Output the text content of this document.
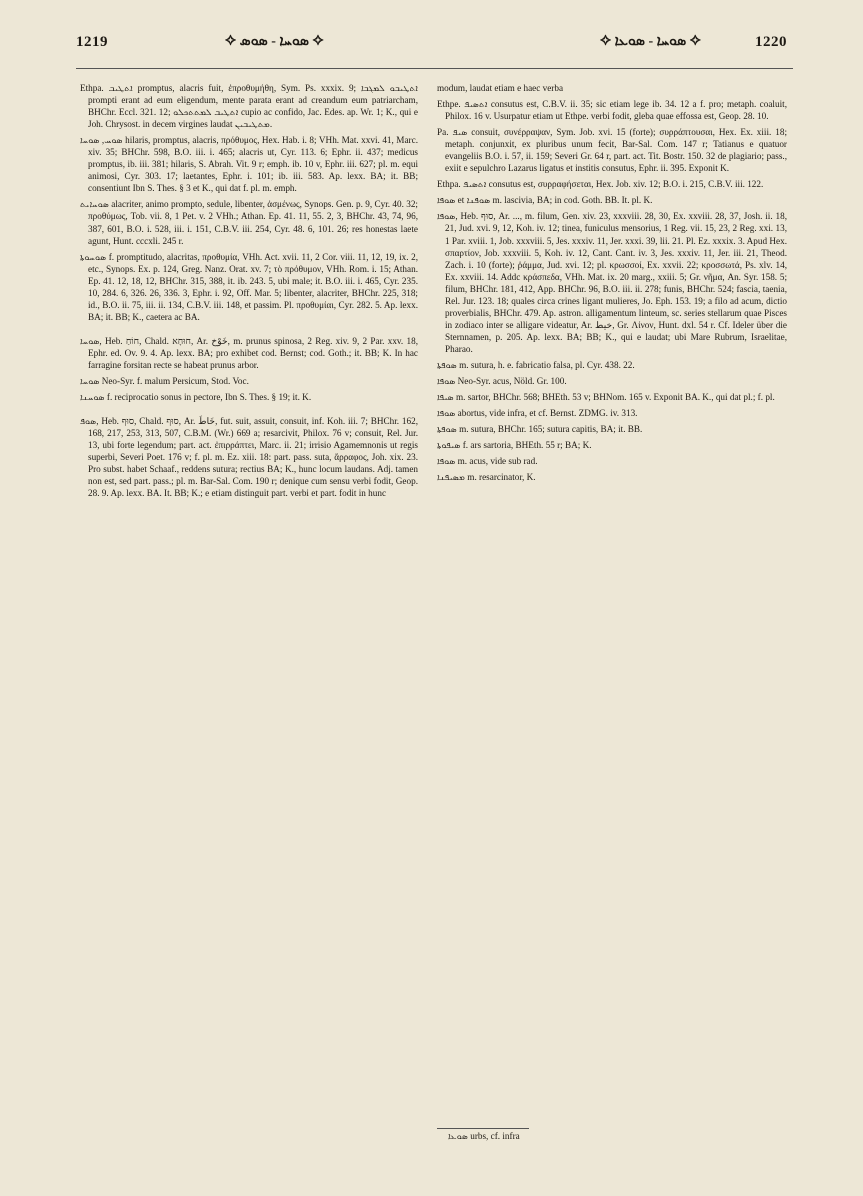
1219	✧ ܣܘܚܐ - ܣܘܣ ✧	✧ ܣܘܚܐ - ܣܘܥܐ ✧	1220

Ethpa. ܐܬܛܝܒ promptus, alacris fuit, ἐπροθυμήθη, Sym. Ps. xxxix. 9; ܐܬܛܝܒܘ ܠܡܓܒܐ prompti erant ad eum eligendum, mente parata erant ad creandum eum patriarcham, BHChr. Eccl. 321. 12; ܐܬܛܝܒ ܠܡܬܬܟܠܘ cupio ac confido, Jac. Edes. ap. Wr. 1; K., qui e Joh. Chrysost. in decem virgines laudat ܡܬܛܝܒܝܢ.

ܣܘܚ, ܣܘܚܐ hilaris, promptus, alacris, πρόθυμος, Hex. Hab. i. 8; VHh. Mat. xxvi. 41, Marc. xiv. 35; BHChr. 598, B.O. iii. i. 465; alacris ut, Cyr. 113. 6; Ephr. ii. 437; medicus promptus, ib. iii. 381; hilaris, S. Abrah. Vit. 9 r; emph. ib. 10 v, Ephr. iii. 627; pl. m. equi animosi, Cyr. 303. 17; laetantes, Ephr. i. 101; ib. iii. 583. Ap. lexx. BA; it. BB; consentiunt Ibn S. Thes. § 3 et K., qui dat f. pl. m. emph.

ܣܘܚܐܝܬ alacriter, animo prompto, sedule, libenter, ἀσμένως, Synops. Gen. p. 9, Cyr. 40. 32; προθύμως, Tob. vii. 8, 1 Pet. v. 2 VHh.; Athan. Ep. 41. 11, 55. 2, 3, BHChr. 43, 74, 96, 387, 601, B.O. i. 528, iii. i. 151, C.B.V. iii. 254, Cyr. 48. 6, 101. 26; res honestas laete agunt, Hunt. cccxli. 245 r.

ܣܘܚܘܬܐ f. promptitudo, alacritas, προθυμία, VHh. Act. xvii. 11, 2 Cor. viii. 11, 12, 19, ix. 2, etc., Synops. Ex. p. 124, Greg. Nanz. Orat. xv. 7; τὸ πρόθυμον, VHh. Rom. i. 15; Athan. Ep. 41. 12, 18, 12, BHChr. 315, 388, it. ib. 243. 5, ubi male; it. B.O. iii. i. 465, Cyr. 235. 10, 284. 6, 326. 26, 336. 3, Ephr. i. 92, Off. Mar. 5; libenter, alacriter, BHChr. 225, 318; id., B.O. ii. 75, iii. ii. 134, C.B.V. iii. 148, et passim. Pl. προθυμίαι, Cyr. 282. 5. Ap. lexx. BA; it. BB; K., caetera ac BA.

ܣܘܚܐ, Heb. חוֹחַ, Chald. חוּחָא, Ar. خَوْخ, m. prunus spinosa, 2 Reg. xiv. 9, 2 Par. xxv. 18, Ephr. ed. Ov. 9. 4. Ap. lexx. BA; pro exhibet cod. Bernst; cod. Goth.; it. BB; K. In hac farragine forsitan recte se habeat prunus arbor.

ܣܘܚܐ Neo-Syr. f. malum Persicum, Stod. Voc.

ܣܘܚܢܐ f. reciprocatio sonus in pectore, Ibn S. Thes. § 19; it. K.

ܣܘܦ, Heb. סוּף, Chald. סוּף, Ar. خَاطَ, fut. suit, assuit, consuit, inf. Koh. iii. 7; BHChr. 162, 168, 217, 253, 313, 507, C.B.M. (Wr.) 669 a; resarcivit, Philox. 76 v; consuit, Rel. Jur. 13, ubi forte legendum; part. act. ἐπιρράπτει, Marc. ii. 21; irrisio Agamemnonis ut regis superbi, Severi Poet. 176 v; f. pl. m. Ez. xiii. 18: part. pass. suta, ἄρραφος, Joh. xix. 23. Pro subst. habet Schaaf., reddens sutura; rectius BA; K., hunc locum laudans. Adj. tamen non est, sed part. pass.; pl. m. Bar-Sal. Com. 190 r; denique cum sensu verbi fodit, Geop. 28. 9. Ap. lexx. BA. It. BB; K.; e etiam distinguit part. verbi et part. fodit in hunc

modum, laudat etiam e haec verba

Ethpe. ܐܬܣܝܦ consutus est, C.B.V. ii. 35; sic etiam lege ib. 34. 12 a f. pro; metaph. coaluit, Philox. 16 v. Usurpatur etiam ut Ethpe. verbi fodit, gleba quae effossa est, Geop. 28. 10.

Pa. ܣܝܦ consuit, συνέρραψαν, Sym. Job. xvi. 15 (forte); συρράπτουσαι, Hex. Ex. xiii. 18; metaph. conjunxit, ex pluribus unum fecit, Bar-Sal. Com. 147 r; Tatianus e quatuor evangeliis B.O. i. 57, ii. 159; Severi Gr. 64 r, part. act. Tit. Bostr. 150. 32 de plagiario; pass., exiit e sepulchro Lazarus ligatus et institis consutus, Ephr. ii. 395. Exponit K.

Ethpa. ܐܬܣܝܦ consutus est, συρραφήσεται, Hex. Job. xiv. 12; B.O. i. 215, C.B.V. iii. 122.

ܣܘܦܐ et ܣܘܦܢܐ m. lascivia, BA; in cod. Goth. BB. It. pl. K.

ܣܘܦܐ, Heb. סוּף, Ar. ..., m. filum, Gen. xiv. 23, xxxviii. 28, 30, Ex. xxviii. 28, 37, Josh. ii. 18, 21, Jud. xvi. 9, 12, Koh. iv. 12; tinea, funiculus mensorius, 1 Reg. vii. 15, 23, 2 Reg. xxi. 13, 1 Par. xviii. 1, Job. xxxviii. 5, Jes. xxxiv. 11, Jer. xxxi. 39, lii. 21. Pl. Ez. xxxix. 3. Apud Hex. σπαρτίον, Job. xxxviii. 5, Koh. iv. 12, Cant. Cant. iv. 3, Jes. xxxiv. 11, Jer. iii. 21, Theod. Zach. i. 10 (forte); ῥάμμα, Jud. xvi. 12; pl. κρωσσοί, Ex. xxvii. 22; κροσσωτά, Ps. xlv. 14, Ex. xxviii. 14. Addc κράσπεδα, VHh. Mat. ix. 20 marg., xxiii. 5; Gr. νῆμα, An. Syr. 158. 5; filum, BHChr. 181, 412, App. BHChr. 96, B.O. iii. ii. 278; funis, BHChr. 524; fascia, taenia, Rel. Jur. 123. 18; quales circa crines ligant mulieres, Jo. Eph. 153. 19; a filo ad acum, dictio proverbialis, BHChr. 479. Ap. astron. alligamentum linteum, sc. series stellarum quae Pisces in zodiaco inter se alligare videatur, Ar. خيط, Gr. Λίνον, Hunt. dxl. 54 r. Cf. Ideler über die Sternnamen, p. 205. Ap. lexx. BA; BB; K., qui e laudat; ubi Mare Rubrum, Israelitae, Pharao.

ܣܘܦܬܐ m. sutura, h. e. fabricatio falsa, pl. Cyr. 438. 22.

ܣܘܦܐ Neo-Syr. acus, Nöld. Gr. 100.

ܣܝܦܐ m. sartor, BHChr. 568; BHEth. 53 v; BHNom. 165 v. Exponit BA. K., qui dat pl.; f. pl.

ܣܘܦܐ abortus, vide infra, et cf. Bernst. ZDMG. iv. 313.

ܣܘܦܬܐ m. sutura, BHChr. 165; sutura capitis, BA; it. BB.

ܣܝܦܘܬܐ f. ars sartoria, BHEth. 55 r; BA; K.

ܣܘܦܐ m. acus, vide sub rad.

ܡܣܝܦܢܐ m. resarcinator, K.

ܣܘܥܐ urbs, cf. infra
